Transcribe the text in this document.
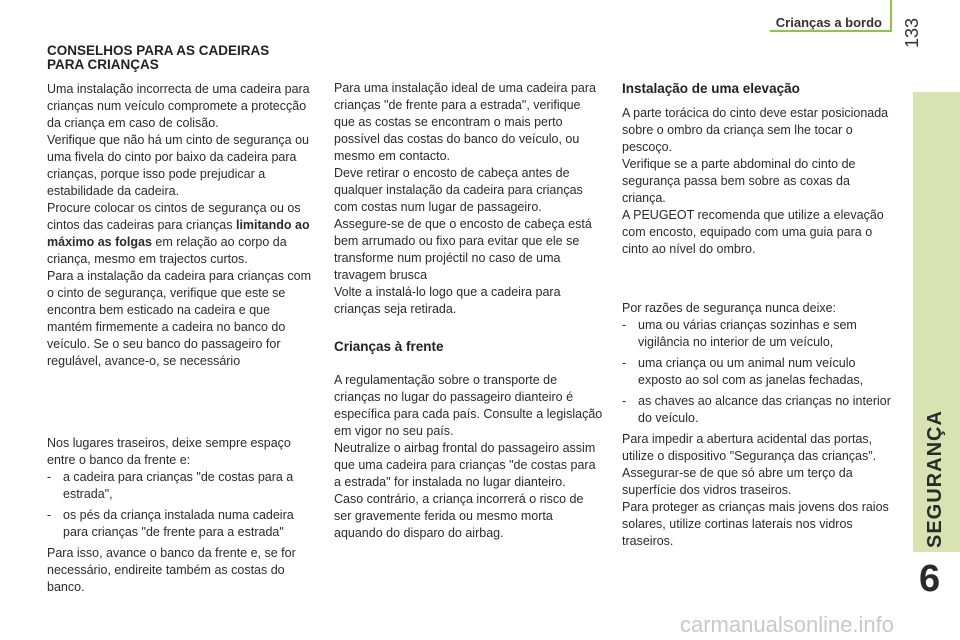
Crianças a bordo 133
SEGURANÇA
6
CONSELHOS PARA AS CADEIRAS
PARA CRIANÇAS

Uma instalação incorrecta de uma cadeira para crianças num veículo compromete a protecção da criança em caso de colisão.

Verifique que não há um cinto de segurança ou uma fivela do cinto por baixo da cadeira para crianças, porque isso pode prejudicar a estabilidade da cadeira.

Procure colocar os cintos de segurança ou os cintos das cadeiras para crianças limitando ao máximo as folgas em relação ao corpo da criança, mesmo em trajectos curtos.

Para a instalação da cadeira para crianças com o cinto de segurança, verifique que este se encontra bem esticado na cadeira e que mantém firmemente a cadeira no banco do veículo. Se o seu banco do passageiro for regulável, avance-o, se necessário

Nos lugares traseiros, deixe sempre espaço entre o banco da frente e:

- a cadeira para crianças "de costas para a estrada",
- os pés da criança instalada numa cadeira para crianças "de frente para a estrada"

Para isso, avance o banco da frente e, se for necessário, endireite também as costas do banco.

Para uma instalação ideal de uma cadeira para crianças "de frente para a estrada", verifique que as costas se encontram o mais perto possível das costas do banco do veículo, ou mesmo em contacto.

Deve retirar o encosto de cabeça antes de qualquer instalação da cadeira para crianças com costas num lugar de passageiro.

Assegure-se de que o encosto de cabeça está bem arrumado ou fixo para evitar que ele se transforme num projéctil no caso de uma travagem brusca

Volte a instalá-lo logo que a cadeira para crianças seja retirada.

Crianças à frente

A regulamentação sobre o transporte de crianças no lugar do passageiro dianteiro é específica para cada país. Consulte a legislação em vigor no seu país.

Neutralize o airbag frontal do passageiro assim que uma cadeira para crianças "de costas para a estrada" for instalada no lugar dianteiro.

Caso contrário, a criança incorrerá o risco de ser gravemente ferida ou mesmo morta aquando do disparo do airbag.

Instalação de uma elevação

A parte torácica do cinto deve estar posicionada sobre o ombro da criança sem lhe tocar o pescoço.

Verifique se a parte abdominal do cinto de segurança passa bem sobre as coxas da criança.

A PEUGEOT recomenda que utilize a elevação com encosto, equipado com uma guia para o cinto ao nível do ombro.

Por razões de segurança nunca deixe:

- uma ou várias crianças sozinhas e sem vigilância no interior de um veículo,
- uma criança ou um animal num veículo exposto ao sol com as janelas fechadas,
- as chaves ao alcance das crianças no interior do veículo.

Para impedir a abertura acidental das portas, utilize o dispositivo "Segurança das crianças".

Assegurar-se de que só abre um terço da superfície dos vidros traseiros.

Para proteger as crianças mais jovens dos raios solares, utilize cortinas laterais nos vidros traseiros.

carmanualsonline.info
